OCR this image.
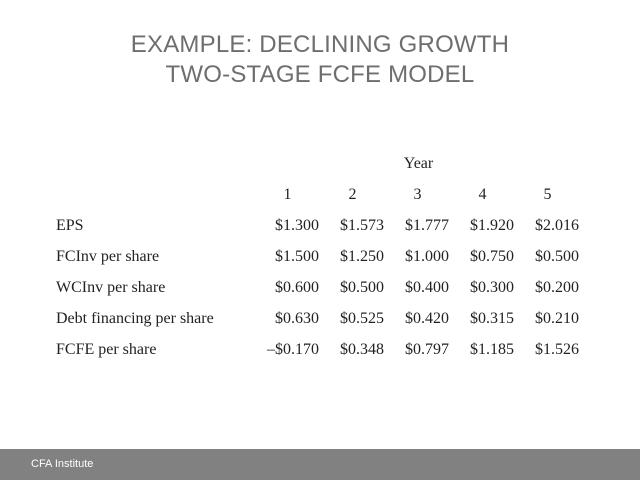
EXAMPLE: DECLINING GROWTH
TWO-STAGE FCFE MODEL
	Year				
	1	2	3	4	5
EPS	$1.300	$1.573	$1.777	$1.920	$2.016
FCInv per share	$1.500	$1.250	$1.000	$0.750	$0.500
WCInv per share	$0.600	$0.500	$0.400	$0.300	$0.200
Debt financing per share	$0.630	$0.525	$0.420	$0.315	$0.210
FCFE per share	–$0.170	$0.348	$0.797	$1.185	$1.526
CFA Institute
